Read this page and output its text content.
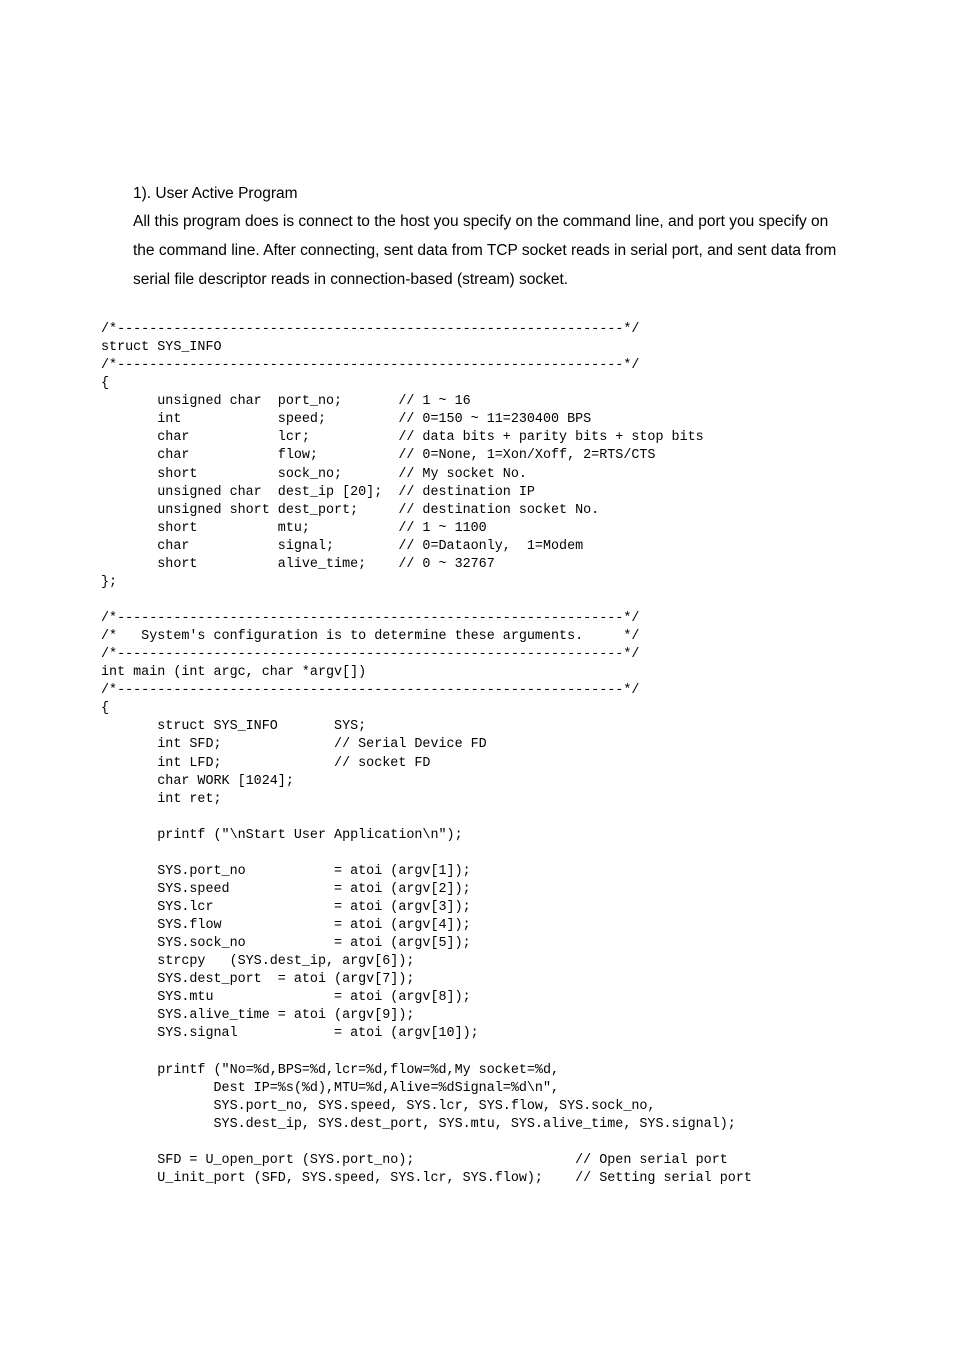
1). User Active Program
All this program does is connect to the host you specify on the command line, and port you specify on
the command line. After connecting, sent data from TCP socket reads in serial port, and sent data from
serial file descriptor reads in connection-based (stream) socket.
/*---------------------------------------------------------------*/
struct SYS_INFO
/*---------------------------------------------------------------*/
{
unsigned char  port_no;       // 1 ~ 16
int            speed;         // 0=150 ~ 11=230400 BPS
char           lcr;           // data bits + parity bits + stop bits
char           flow;          // 0=None, 1=Xon/Xoff, 2=RTS/CTS
short          sock_no;       // My socket No.
unsigned char  dest_ip [20];  // destination IP
unsigned short dest_port;     // destination socket No.
short          mtu;           // 1 ~ 1100
char           signal;        // 0=Dataonly,  1=Modem
short          alive_time;    // 0 ~ 32767
};
/*---------------------------------------------------------------*/
/*   System's configuration is to determine these arguments.     */
/*---------------------------------------------------------------*/
int main (int argc, char *argv[])
/*---------------------------------------------------------------*/
{
struct SYS_INFO       SYS;
int SFD;              // Serial Device FD
int LFD;              // socket FD
char WORK [1024];
int ret;
printf ("\nStart User Application\n");
SYS.port_no           = atoi (argv[1]);
SYS.speed             = atoi (argv[2]);
SYS.lcr               = atoi (argv[3]);
SYS.flow              = atoi (argv[4]);
SYS.sock_no           = atoi (argv[5]);
strcpy   (SYS.dest_ip, argv[6]);
SYS.dest_port  = atoi (argv[7]);
SYS.mtu               = atoi (argv[8]);
SYS.alive_time = atoi (argv[9]);
SYS.signal            = atoi (argv[10]);
printf ("No=%d,BPS=%d,lcr=%d,flow=%d,My socket=%d,
Dest IP=%s(%d),MTU=%d,Alive=%dSignal=%d\n",
SYS.port_no, SYS.speed, SYS.lcr, SYS.flow, SYS.sock_no,
SYS.dest_ip, SYS.dest_port, SYS.mtu, SYS.alive_time, SYS.signal);
SFD = U_open_port (SYS.port_no);                    // Open serial port
U_init_port (SFD, SYS.speed, SYS.lcr, SYS.flow);    // Setting serial port
